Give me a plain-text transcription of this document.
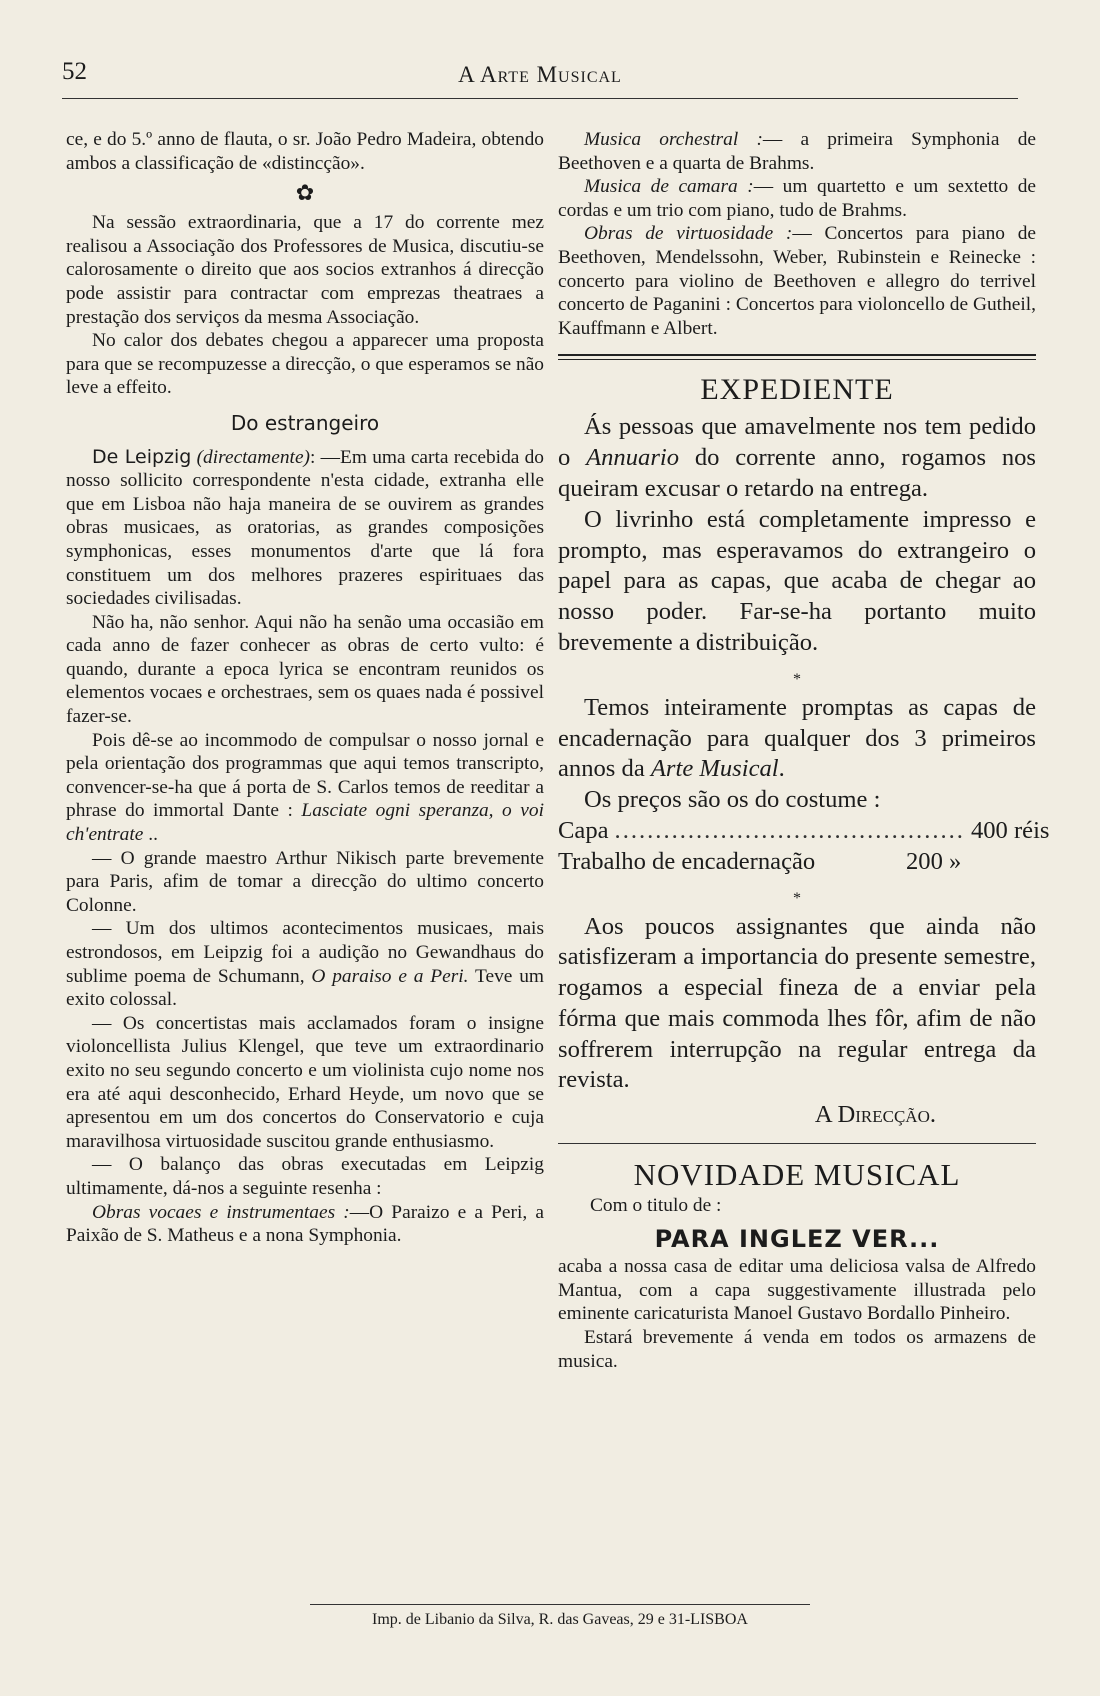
52	A Arte Musical

ce, e do 5.º anno de flauta, o sr. João Pedro Madeira, obtendo ambos a classificação de «distincção».

✿

Na sessão extraordinaria, que a 17 do corrente mez realisou a Associação dos Professores de Musica, discutiu-se calorosamente o direito que aos socios extranhos á direcção pode assistir para contractar com emprezas theatraes a prestação dos serviços da mesma Associação.

No calor dos debates chegou a apparecer uma proposta para que se recompuzesse a direcção, o que esperamos se não leve a effeito.

Do estrangeiro

De Leipzig (directamente): —Em uma carta recebida do nosso sollicito correspondente n'esta cidade, extranha elle que em Lisboa não haja maneira de se ouvirem as grandes obras musicaes, as oratorias, as grandes composições symphonicas, esses monumentos d'arte que lá fora constituem um dos melhores prazeres espirituaes das sociedades civilisadas.

Não ha, não senhor. Aqui não ha senão uma occasião em cada anno de fazer conhecer as obras de certo vulto: é quando, durante a epoca lyrica se encontram reunidos os elementos vocaes e orchestraes, sem os quaes nada é possivel fazer-se.

Pois dê-se ao incommodo de compulsar o nosso jornal e pela orientação dos programmas que aqui temos transcripto, convencer-se-ha que á porta de S. Carlos temos de reeditar a phrase do immortal Dante : Lasciate ogni speranza, o voi ch'entrate ..

— O grande maestro Arthur Nikisch parte brevemente para Paris, afim de tomar a direcção do ultimo concerto Colonne.

— Um dos ultimos acontecimentos musicaes, mais estrondosos, em Leipzig foi a audição no Gewandhaus do sublime poema de Schumann, O paraiso e a Peri. Teve um exito colossal.

— Os concertistas mais acclamados foram o insigne violoncellista Julius Klengel, que teve um extraordinario exito no seu segundo concerto e um violinista cujo nome nos era até aqui desconhecido, Erhard Heyde, um novo que se apresentou em um dos concertos do Conservatorio e cuja maravilhosa virtuosidade suscitou grande enthusiasmo.

— O balanço das obras executadas em Leipzig ultimamente, dá-nos a seguinte resenha :

Obras vocaes e instrumentaes :—O Paraizo e a Peri, a Paixão de S. Matheus e a nona Symphonia.

Musica orchestral :— a primeira Symphonia de Beethoven e a quarta de Brahms.

Musica de camara :— um quartetto e um sextetto de cordas e um trio com piano, tudo de Brahms.

Obras de virtuosidade :— Concertos para piano de Beethoven, Mendelssohn, Weber, Rubinstein e Reinecke : concerto para violino de Beethoven e allegro do terrivel concerto de Paganini : Concertos para violoncello de Gutheil, Kauffmann e Albert.

EXPEDIENTE

Ás pessoas que amavelmente nos tem pedido o Annuario do corrente anno, rogamos nos queiram excusar o retardo na entrega.

O livrinho está completamente impresso e prompto, mas esperavamos do extrangeiro o papel para as capas, que acaba de chegar ao nosso poder. Far-se-ha portanto muito brevemente a distribuição.

*

Temos inteiramente promptas as capas de encadernação para qualquer dos 3 primeiros annos da Arte Musical.

Os preços são os do costume :

Capa ........................................... 400 réis
Trabalho de encadernação	200 »
*

Aos poucos assignantes que ainda não satisfizeram a importancia do presente semestre, rogamos a especial fineza de a enviar pela fórma que mais commoda lhes fôr, afim de não soffrerem interrupção na regular entrega da revista.

A Direcção.
NOVIDADE MUSICAL
Com o titulo de :
PARA INGLEZ VER...

acaba a nossa casa de editar uma deliciosa valsa de Alfredo Mantua, com a capa suggestivamente illustrada pelo eminente caricaturista Manoel Gustavo Bordallo Pinheiro.

Estará brevemente á venda em todos os armazens de musica.

Imp. de Libanio da Silva, R. das Gaveas, 29 e 31-LISBOA
